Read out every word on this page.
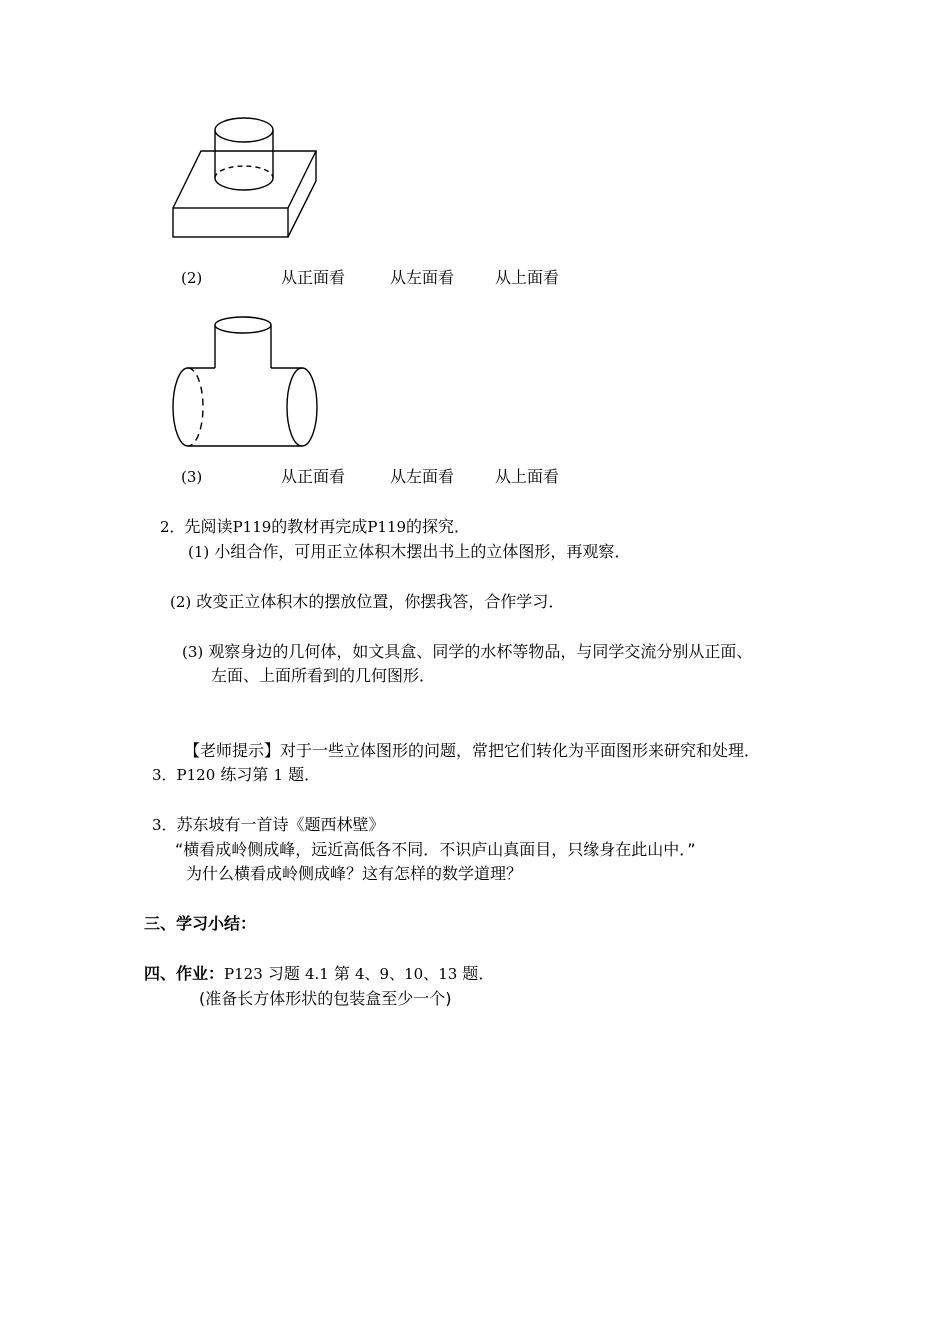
(2)	从正面看	从左面看	从上面看
(3)	从正面看	从左面看	从上面看
2．先阅读P119的教材再完成P119的探究．
(1) 小组合作，可用正立体积木摆出书上的立体图形，再观察．
(2) 改变正立体积木的摆放位置，你摆我答，合作学习．
(3) 观察身边的几何体，如文具盒、同学的水杯等物品，与同学交流分别从正面、
左面、上面所看到的几何图形．
【老师提示】对于一些立体图形的问题，常把它们转化为平面图形来研究和处理．
3．P120 练习第 1 题．
3．苏东坡有一首诗《题西林壁》
“横看成岭侧成峰，远近高低各不同．不识庐山真面目，只缘身在此山中．”
为什么横看成岭侧成峰？这有怎样的数学道理？
三、学习小结：
四、作业：P123 习题 4.1 第 4、9、10、13 题．
(准备长方体形状的包装盒至少一个)
